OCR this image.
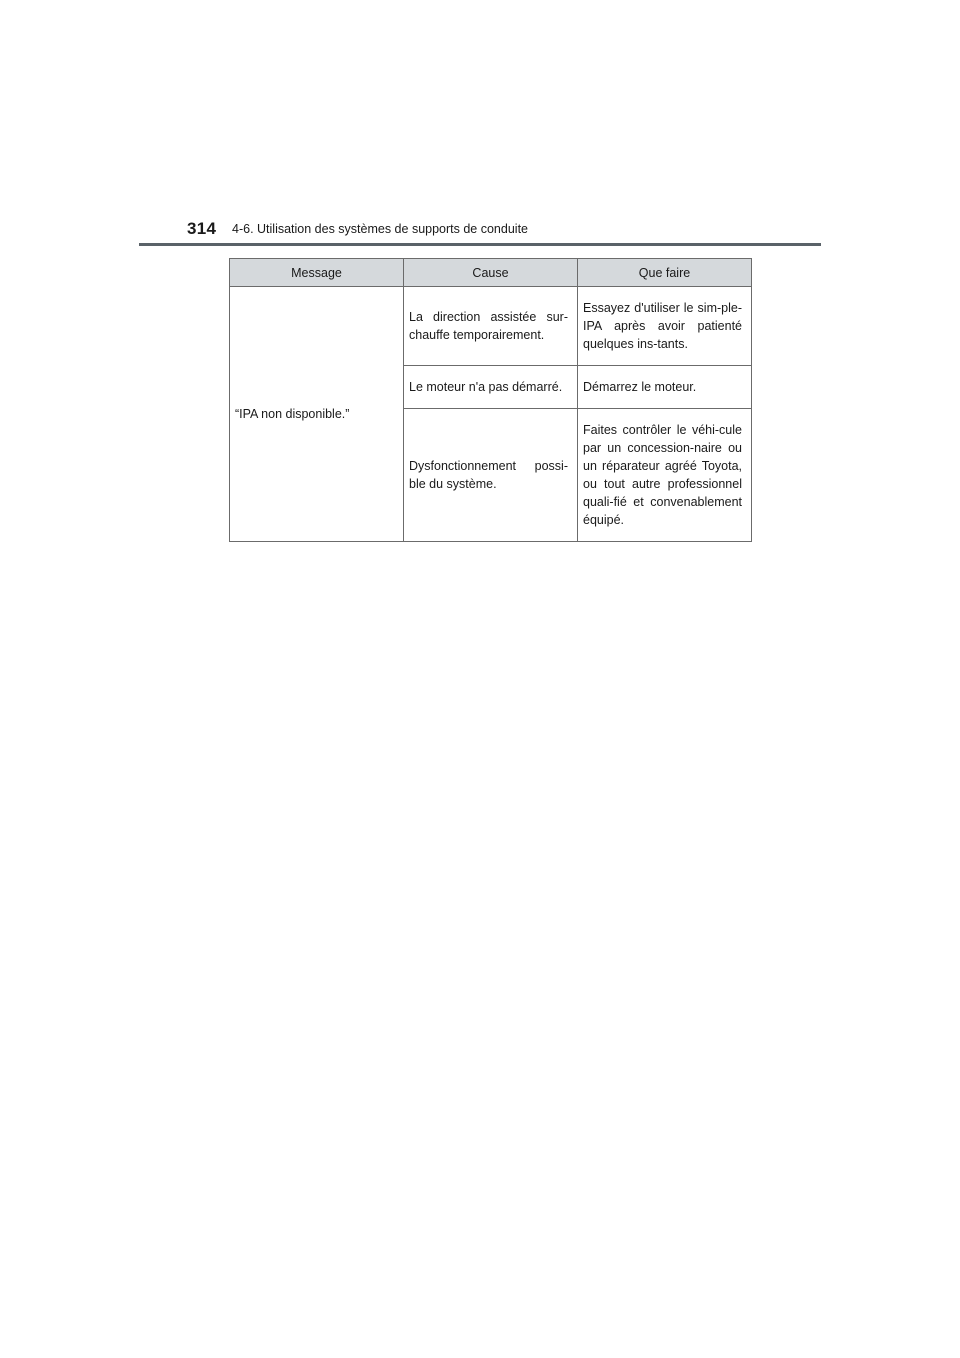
314 4-6. Utilisation des systèmes de supports de conduite
Message	Cause	Que faire
“IPA non disponible.”	La direction assistée sur-chauffe temporairement.	Essayez d'utiliser le sim-ple-IPA après avoir patienté quelques ins-tants.
	Le moteur n'a pas démarré.	Démarrez le moteur.
	Dysfonctionnement possi-ble du système.	Faites contrôler le véhi-cule par un concession-naire ou un réparateur agréé Toyota, ou tout autre professionnel quali-fié et convenablement équipé.
